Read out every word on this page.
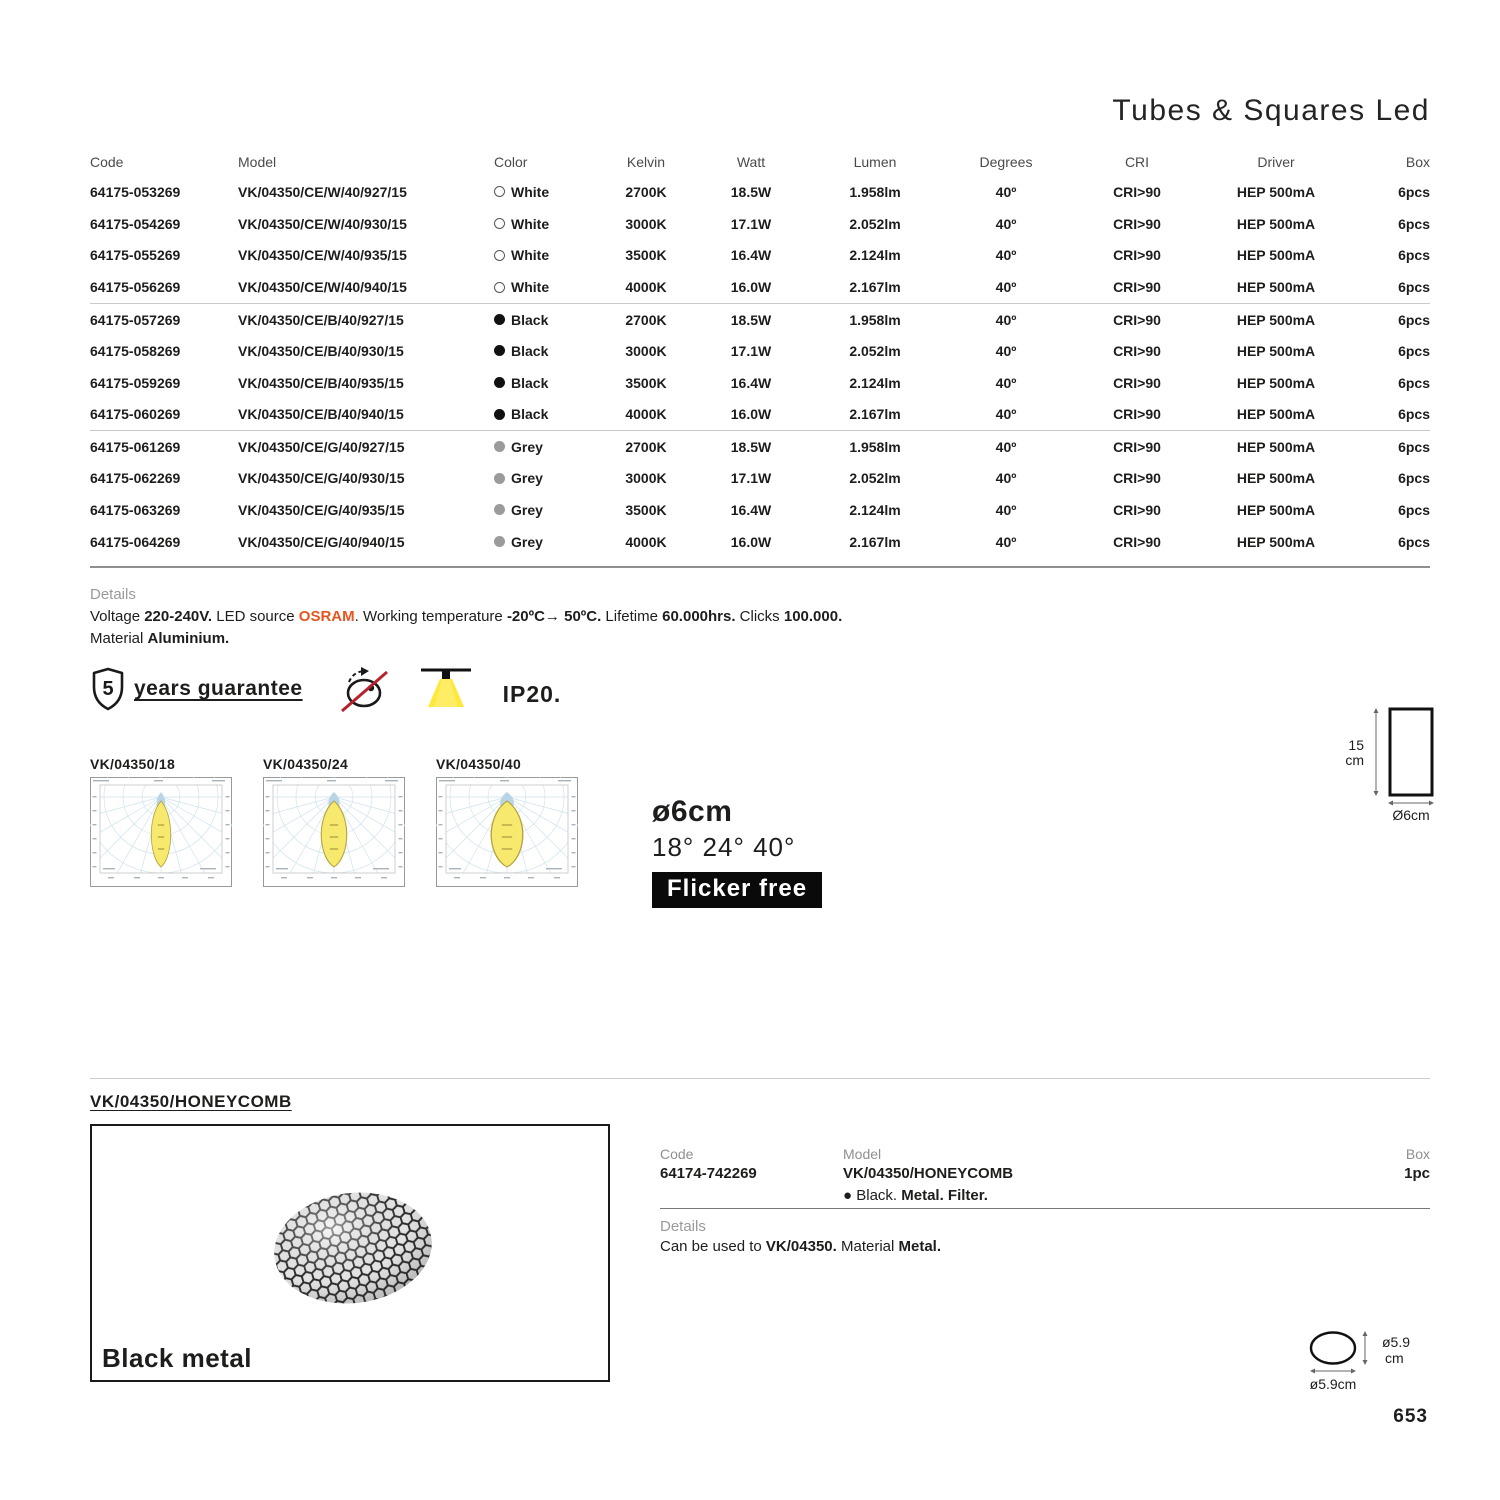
Tubes & Squares Led
Code	Model	Color	Kelvin	Watt	Lumen	Degrees	CRI	Driver	Box
64175-053269	VK/04350/CE/W/40/927/15	White	2700K	18.5W	1.958lm	40º	CRI>90	HEP 500mA	6pcs
64175-054269	VK/04350/CE/W/40/930/15	White	3000K	17.1W	2.052lm	40º	CRI>90	HEP 500mA	6pcs
64175-055269	VK/04350/CE/W/40/935/15	White	3500K	16.4W	2.124lm	40º	CRI>90	HEP 500mA	6pcs
64175-056269	VK/04350/CE/W/40/940/15	White	4000K	16.0W	2.167lm	40º	CRI>90	HEP 500mA	6pcs
64175-057269	VK/04350/CE/B/40/927/15	Black	2700K	18.5W	1.958lm	40º	CRI>90	HEP 500mA	6pcs
64175-058269	VK/04350/CE/B/40/930/15	Black	3000K	17.1W	2.052lm	40º	CRI>90	HEP 500mA	6pcs
64175-059269	VK/04350/CE/B/40/935/15	Black	3500K	16.4W	2.124lm	40º	CRI>90	HEP 500mA	6pcs
64175-060269	VK/04350/CE/B/40/940/15	Black	4000K	16.0W	2.167lm	40º	CRI>90	HEP 500mA	6pcs
64175-061269	VK/04350/CE/G/40/927/15	Grey	2700K	18.5W	1.958lm	40º	CRI>90	HEP 500mA	6pcs
64175-062269	VK/04350/CE/G/40/930/15	Grey	3000K	17.1W	2.052lm	40º	CRI>90	HEP 500mA	6pcs
64175-063269	VK/04350/CE/G/40/935/15	Grey	3500K	16.4W	2.124lm	40º	CRI>90	HEP 500mA	6pcs
64175-064269	VK/04350/CE/G/40/940/15	Grey	4000K	16.0W	2.167lm	40º	CRI>90	HEP 500mA	6pcs
Details
Voltage 220-240V. LED source OSRAM. Working temperature -20ºC→ 50ºC. Lifetime 60.000hrs. Clicks 100.000.
Material Aluminium.
5 years guarantee	IP20.
VK/04350/18	VK/04350/24	VK/04350/40
ø6cm
18° 24° 40°
Flicker free
15
cm
Ø6cm
VK/04350/HONEYCOMB
Black metal
Code
64174-742269
Model
VK/04350/HONEYCOMB
● Black. Metal. Filter.
Box
1pc
Details
Can be used to VK/04350. Material Metal.
ø5.9
cm
ø5.9cm
653
